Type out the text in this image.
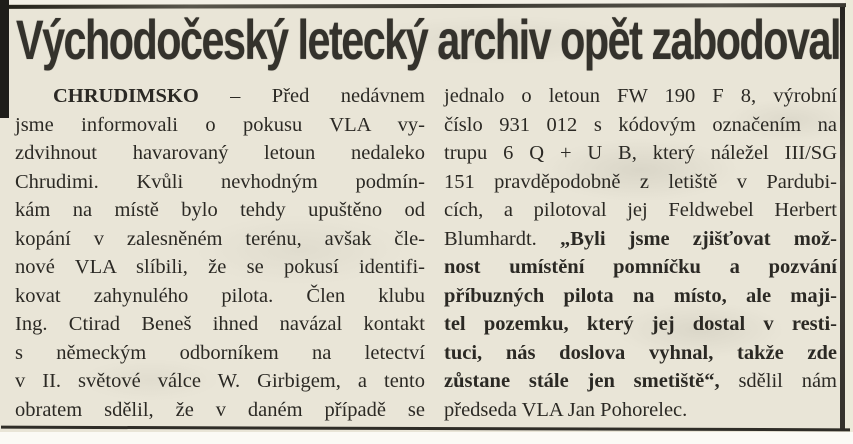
Východočeský letecký archiv opět zabodoval
CHRUDIMSKO – Před nedávnem
jsme informovali o pokusu VLA vy-
zdvihnout havarovaný letoun nedaleko
Chrudimi. Kvůli nevhodným podmín-
kám na místě bylo tehdy upuštěno od
kopání v zalesněném terénu, avšak čle-
nové VLA slíbili, že se pokusí identifi-
kovat zahynulého pilota. Člen klubu
Ing. Ctirad Beneš ihned navázal kontakt
s německým odborníkem na letectví
v II. světové válce W. Girbigem, a tento
obratem sdělil, že v daném případě se
jednalo o letoun FW 190 F 8, výrobní
číslo 931 012 s kódovým označením na
trupu 6 Q + U B, který náležel III/SG
151 pravděpodobně z letiště v Pardubi-
cích, a pilotoval jej Feldwebel Herbert
Blumhardt. „Byli jsme zjišťovat mož-
nost umístění pomníčku a pozvání
příbuzných pilota na místo, ale maji-
tel pozemku, který jej dostal v resti-
tuci, nás doslova vyhnal, takže zde
zůstane stále jen smetiště“, sdělil nám
předseda VLA Jan Pohorelec.
